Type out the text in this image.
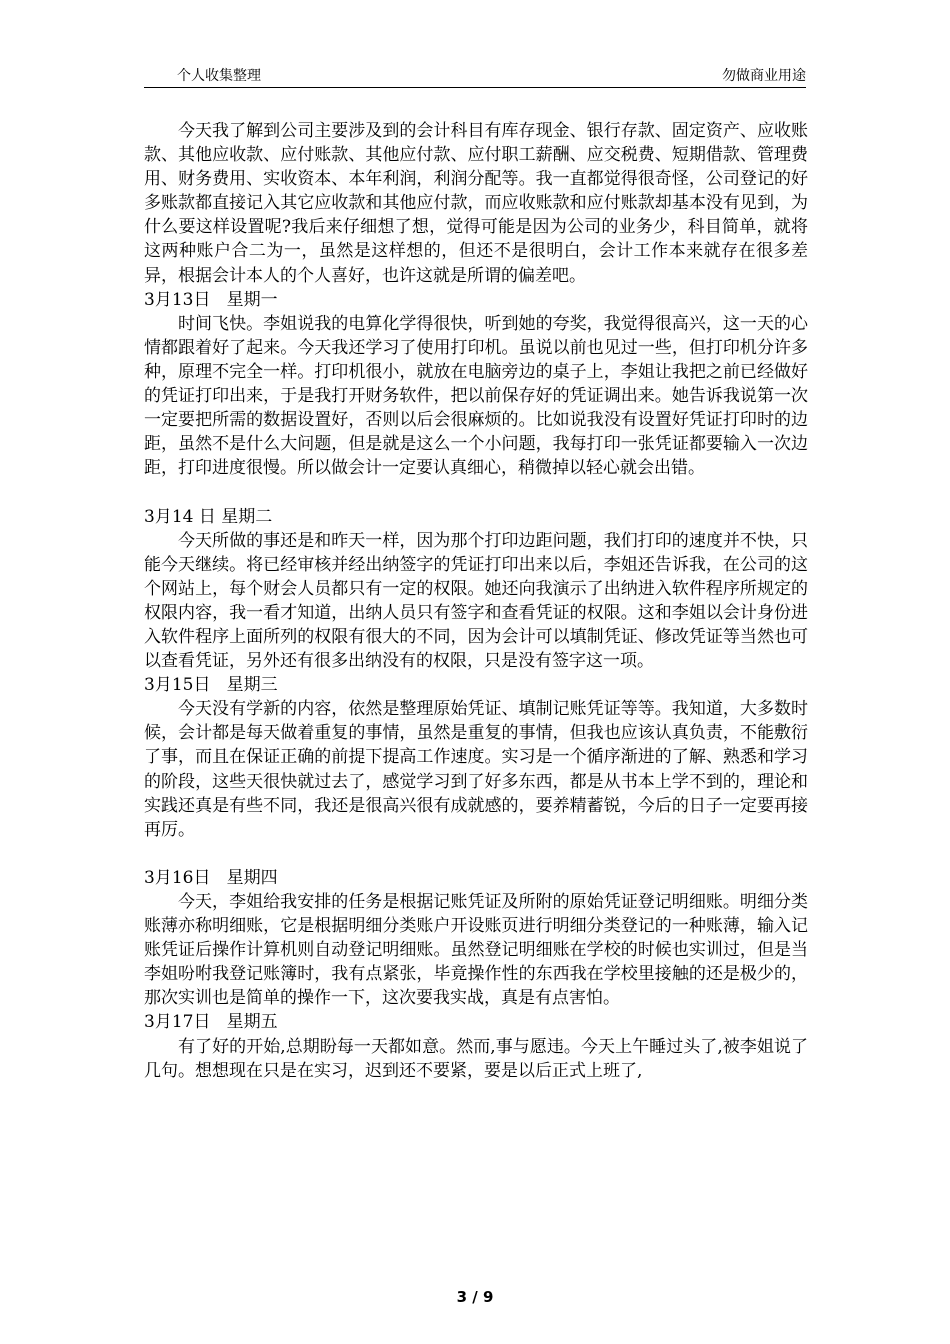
个人收集整理	勿做商业用途

今天我了解到公司主要涉及到的会计科目有库存现金、银行存款、固定资产、应收账款、其他应收款、应付账款、其他应付款、应付职工薪酬、应交税费、短期借款、管理费用、财务费用、实收资本、本年利润，利润分配等。我一直都觉得很奇怪，公司登记的好多账款都直接记入其它应收款和其他应付款，而应收账款和应付账款却基本没有见到，为什么要这样设置呢?我后来仔细想了想，觉得可能是因为公司的业务少，科目简单，就将这两种账户合二为一，虽然是这样想的，但还不是很明白，会计工作本来就存在很多差异，根据会计本人的个人喜好，也许这就是所谓的偏差吧。

3月13日   星期一

时间飞快。李姐说我的电算化学得很快，听到她的夸奖，我觉得很高兴，这一天的心情都跟着好了起来。今天我还学习了使用打印机。虽说以前也见过一些，但打印机分许多种，原理不完全一样。打印机很小，就放在电脑旁边的桌子上，李姐让我把之前已经做好的凭证打印出来，于是我打开财务软件，把以前保存好的凭证调出来。她告诉我说第一次一定要把所需的数据设置好，否则以后会很麻烦的。比如说我没有设置好凭证打印时的边距，虽然不是什么大问题，但是就是这么一个小问题，我每打印一张凭证都要输入一次边距，打印进度很慢。所以做会计一定要认真细心，稍微掉以轻心就会出错。

3月14 日 星期二

今天所做的事还是和昨天一样，因为那个打印边距问题，我们打印的速度并不快，只能今天继续。将已经审核并经出纳签字的凭证打印出来以后，李姐还告诉我，在公司的这个网站上，每个财会人员都只有一定的权限。她还向我演示了出纳进入软件程序所规定的权限内容，我一看才知道，出纳人员只有签字和查看凭证的权限。这和李姐以会计身份进入软件程序上面所列的权限有很大的不同，因为会计可以填制凭证、修改凭证等当然也可以查看凭证，另外还有很多出纳没有的权限，只是没有签字这一项。

3月15日   星期三

今天没有学新的内容，依然是整理原始凭证、填制记账凭证等等。我知道，大多数时候，会计都是每天做着重复的事情，虽然是重复的事情，但我也应该认真负责，不能敷衍了事，而且在保证正确的前提下提高工作速度。实习是一个循序渐进的了解、熟悉和学习的阶段，这些天很快就过去了，感觉学习到了好多东西，都是从书本上学不到的，理论和实践还真是有些不同，我还是很高兴很有成就感的，要养精蓄锐，今后的日子一定要再接再厉。

3月16日   星期四

今天，李姐给我安排的任务是根据记账凭证及所附的原始凭证登记明细账。明细分类账薄亦称明细账，它是根据明细分类账户开设账页进行明细分类登记的一种账薄，输入记账凭证后操作计算机则自动登记明细账。虽然登记明细账在学校的时候也实训过，但是当李姐吩咐我登记账簿时，我有点紧张，毕竟操作性的东西我在学校里接触的还是极少的，那次实训也是简单的操作一下，这次要我实战，真是有点害怕。

3月17日   星期五

有了好的开始,总期盼每一天都如意。然而,事与愿违。今天上午睡过头了,被李姐说了几句。想想现在只是在实习，迟到还不要紧，要是以后正式上班了,

3 / 9
